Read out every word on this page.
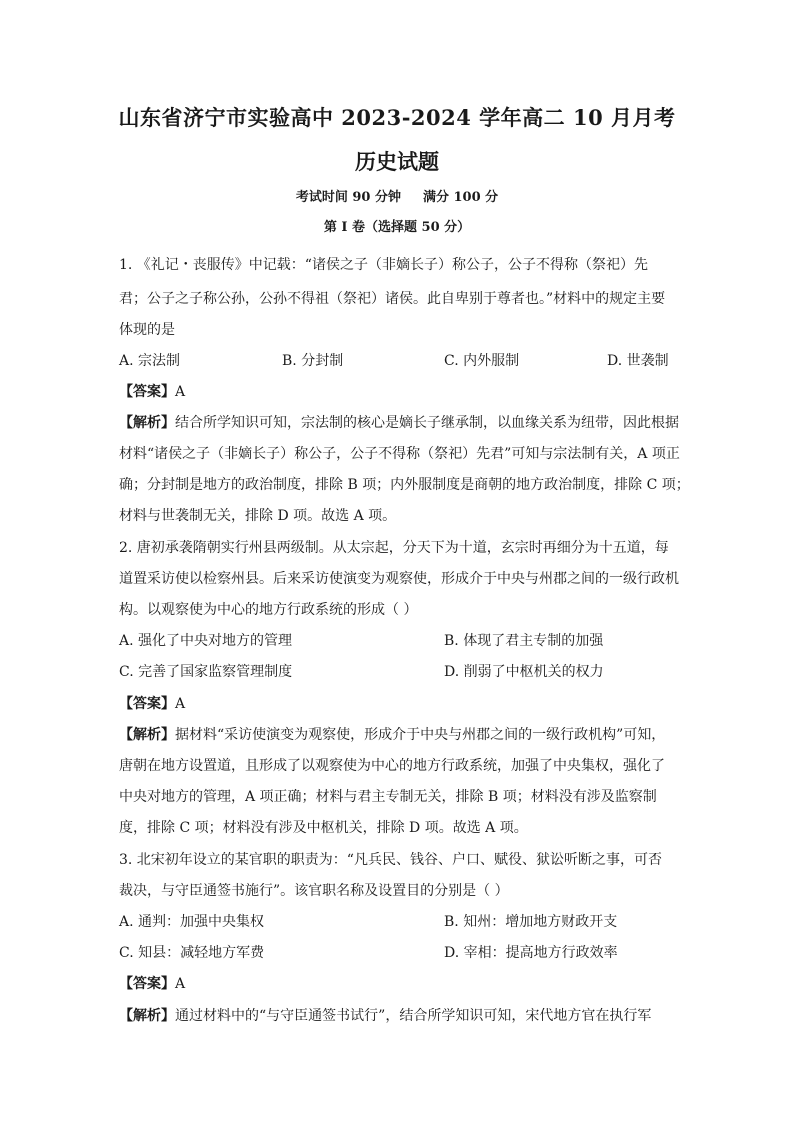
山东省济宁市实验高中 2023-2024 学年高二 10 月月考
历史试题
考试时间 90 分钟 满分 100 分
第 I 卷（选择题 50 分）
1. 《礼记・丧服传》中记载：“诸侯之子（非嫡长子）称公子，公子不得称（祭祀）先
君；公子之子称公孙，公孙不得祖（祭祀）诸侯。此自卑别于尊者也。”材料中的规定主要
体现的是
A. 宗法制	B. 分封制	C. 内外服制	D. 世袭制
【答案】A
【解析】结合所学知识可知，宗法制的核心是嫡长子继承制，以血缘关系为纽带，因此根据
材料“诸侯之子（非嫡长子）称公子，公子不得称（祭祀）先君”可知与宗法制有关，A 项正
确；分封制是地方的政治制度，排除 B 项；内外服制度是商朝的地方政治制度，排除 C 项；
材料与世袭制无关，排除 D 项。故选 A 项。
2. 唐初承袭隋朝实行州县两级制。从太宗起，分天下为十道，玄宗时再细分为十五道，每
道置采访使以检察州县。后来采访使演变为观察使，形成介于中央与州郡之间的一级行政机
构。以观察使为中心的地方行政系统的形成（ ）
A. 强化了中央对地方的管理	B. 体现了君主专制的加强
C. 完善了国家监察管理制度	D. 削弱了中枢机关的权力
【答案】A
【解析】据材料“采访使演变为观察使，形成介于中央与州郡之间的一级行政机构”可知，
唐朝在地方设置道，且形成了以观察使为中心的地方行政系统，加强了中央集权，强化了
中央对地方的管理，A 项正确；材料与君主专制无关，排除 B 项；材料没有涉及监察制
度，排除 C 项；材料没有涉及中枢机关，排除 D 项。故选 A 项。
3. 北宋初年设立的某官职的职责为：“凡兵民、钱谷、户口、赋役、狱讼听断之事，可否
裁决，与守臣通签书施行”。该官职名称及设置目的分别是（ ）
A. 通判：加强中央集权	B. 知州：增加地方财政开支
C. 知县：减轻地方军费	D. 宰相：提高地方行政效率
【答案】A
【解析】通过材料中的“与守臣通签书试行”，结合所学知识可知，宋代地方官在执行军
